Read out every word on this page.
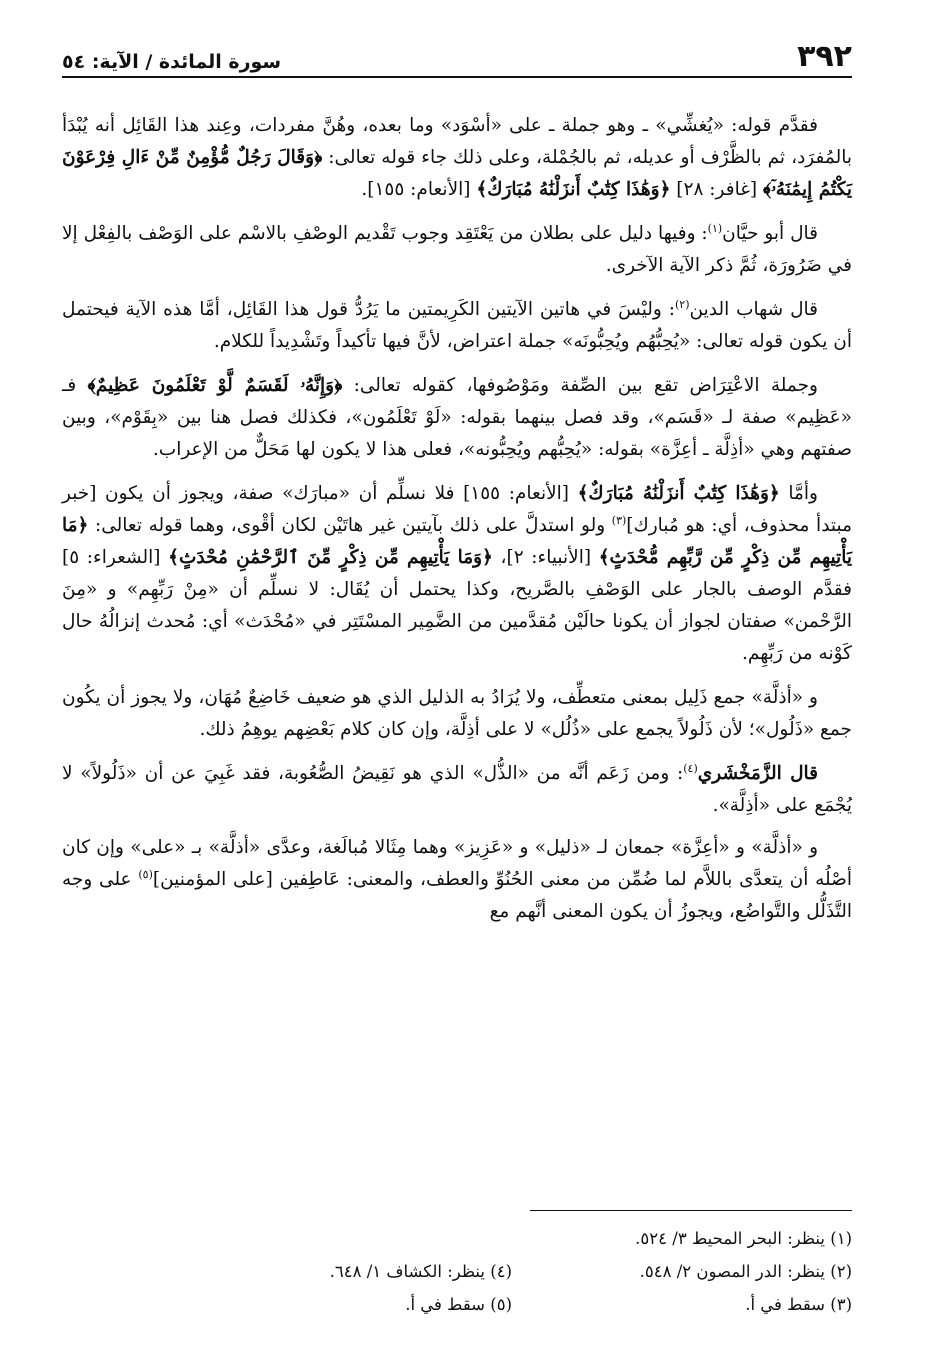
٣٩٢
سورة المائدة / الآية: ٥٤

فقدَّم قوله: «يُغشِّي» ـ وهو جملة ـ على «أسْوَد» وما بعده، وهُنَّ مفردات، وعِند هذا القَائِل أنه يُبْدَأ بالمُفرَد، ثم بالظَّرْف أو عديله، ثم بالجُمْلة، وعلى ذلك جاء قوله تعالى: ﴿وَقَالَ رَجُلٌ مُّؤْمِنٌ مِّنْ ءَالِ فِرْعَوْنَ يَكْتُمُ إِيمَٰنَهُۥٓ﴾ [غافر: ٢٨] ﴿وَهَٰذَا كِتَٰبٌ أَنزَلْنَٰهُ مُبَارَكٌ﴾ [الأنعام: ١٥٥].

قال أبو حيَّان$^{(١)}$: وفيها دليل على بطلان من يَعْتَقِد وجوب تَقْديم الوصْفِ بالاسْم على الوَصْف بالفِعْل إلا في ضَرُورَة، ثُمَّ ذكر الآية الآخرى.

قال شهاب الدين$^{(٢)}$: وليْسَ في هاتين الآيتين الكَرِيمتين ما يَرُدُّ قول هذا القَائِل، أمَّا هذه الآية فيحتمل أن يكون قوله تعالى: «يُحِبُّهُم ويُحِبُّونَه» جملة اعتراض، لأنَّ فيها تأكيداً وتَشْدِيداً للكلام.

وجملة الاعْتِرَاض تقع بين الصِّفة ومَوْصُوفها، كقوله تعالى: ﴿وَإِنَّهُۥ لَقَسَمٌ لَّوْ تَعْلَمُونَ عَظِيمٌ﴾ فـ «عَظِيم» صفة لـ «قَسَم»، وقد فصل بينهما بقوله: «لَوْ تَعْلَمُون»، فكذلك فصل هنا بين «بِقَوْم»، وبين صفتهم وهي «أذِلَّة ـ أعِزَّة» بقوله: «يُحِبُّهم ويُحِبُّونه»، فعلى هذا لا يكون لها مَحَلٌّ من الإعراب.

وأمَّا ﴿وَهَٰذَا كِتَٰبٌ أَنزَلْنَٰهُ مُبَارَكٌ﴾ [الأنعام: ١٥٥] فلا نسلِّم أن «مبارَك» صفة، ويجوز أن يكون [خبر مبتدأ محذوف، أي: هو مُبارك]$^{(٣)}$ ولو استدلَّ على ذلك بآيتين غير هاتَيْن لكان أقْوى، وهما قوله تعالى: ﴿مَا يَأْتِيهِم مِّن ذِكْرٍ مِّن رَّبِّهِم مُّحْدَثٍ﴾ [الأنبياء: ٢]، ﴿وَمَا يَأْتِيهِم مِّن ذِكْرٍ مِّنَ ٱلرَّحْمَٰنِ مُحْدَثٍ﴾ [الشعراء: ٥] فقدَّم الوصف بالجار على الوَصْفِ بالصَّريح، وكذا يحتمل أن يُقَال: لا نسلِّم أن «مِنْ رَبِّهِم» و «مِنَ الرَّحْمن» صفتان لجواز أن يكونا حالَيْن مُقدَّمين من الضَّمِير المسْتَتِر في «مُحْدَث» أي: مُحدث إنزالُهُ حال كَوْنه من رَبِّهِم.

و «أذلَّة» جمع ذَلِيل بمعنى متعطِّف، ولا يُرَادُ به الذليل الذي هو ضعيف خَاضِعٌ مُهَان، ولا يجوز أن يكُون جمع «ذَلُول»؛ لأن ذَلُولاً يجمع على «ذُلُل» لا على أذِلَّة، وإن كان كلام بَعْضِهم يوهِمُ ذلك.

قال الزَّمَخْشَري$^{(٤)}$: ومن زَعَم أنَّه من «الذُّل» الذي هو نَقِيضُ الصُّعُوبة، فقد غَبِيَ عن أن «ذَلُولاً» لا يُجْمَع على «أذِلَّة».

و «أذلَّة» و «أعِزَّة» جمعان لـ «ذليل» و «عَزِيز» وهما مِثَالا مُبالَغة، وعدَّى «أذلَّة» بـ «على» وإن كان أصْلُه أن يتعدَّى باللاَّم لما ضُمِّن من معنى الحُنُوِّ والعطف، والمعنى: عَاطِفين [على المؤمنين]$^{(٥)}$ على وجه التَّذَلُّل والتَّواضُع، ويجوزُ أن يكون المعنى أنَّهم مع

(١) ينظر: البحر المحيط ٣/ ٥٢٤.
(٢) ينظر: الدر المصون ٢/ ٥٤٨.
(٣) سقط في أ.
(٤) ينظر: الكشاف ١/ ٦٤٨.
(٥) سقط في أ.
